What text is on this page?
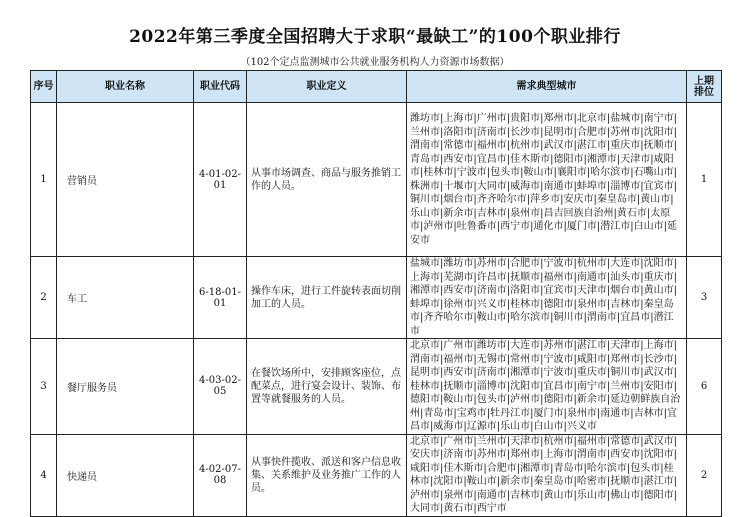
2022年第三季度全国招聘大于求职“最缺工”的100个职业排行
（102个定点监测城市公共就业服务机构人力资源市场数据）
序号	职业名称	职业代码	职业定义	需求典型城市	上期排位
1	营销员	4-01-02-01	从事市场调查、商品与服务推销工作的人员。	潍坊市|上海市|广州市|贵阳市|郑州市|北京市|盐城市|南宁市|兰州市|洛阳市|济南市|长沙市|昆明市|合肥市|苏州市|沈阳市|渭南市|常德市|福州市|杭州市|武汉市|湛江市|重庆市|抚顺市|青岛市|西安市|宜昌市|佳木斯市|德阳市|湘潭市|天津市|咸阳市|桂林市|宁波市|包头市|鞍山市|襄阳市|哈尔滨市|石嘴山市|株洲市|十堰市|大同市|威海市|南通市|蚌埠市|淄博市|宜宾市|铜川市|烟台市|齐齐哈尔市|萍乡市|安庆市|秦皇岛市|黄山市|乐山市|新余市|吉林市|泉州市|昌吉回族自治州|黄石市|太原市|泸州市|吐鲁番市|西宁市|通化市|厦门市|潜江市|白山市|延安市	1
2	车工	6-18-01-01	操作车床，进行工件旋转表面切削加工的人员。	盐城市|潍坊市|苏州市|合肥市|宁波市|杭州市|大连市|沈阳市|上海市|芜湖市|许昌市|抚顺市|福州市|南通市|汕头市|重庆市|湘潭市|西安市|济南市|洛阳市|宜宾市|天津市|烟台市|黄山市|蚌埠市|徐州市|兴义市|桂林市|德阳市|泉州市|吉林市|秦皇岛市|齐齐哈尔市|鞍山市|哈尔滨市|铜川市|渭南市|宜昌市|潜江市	3
3	餐厅服务员	4-03-02-05	在餐饮场所中，安排顾客座位，点配菜点，进行宴会设计、装饰、布置等就餐服务的人员。	北京市|广州市|潍坊市|大连市|苏州市|湛江市|天津市|上海市|渭南市|福州市|无锡市|常州市|宁波市|咸阳市|郑州市|长沙市|昆明市|西安市|济南市|湘潭市|宁波市|重庆市|铜川市|武汉市|桂林市|抚顺市|淄博市|沈阳市|宜昌市|南宁市|兰州市|安阳市|德阳市|鞍山市|包头市|泸州市|德阳市|新余市|延边朝鲜族自治州|青岛市|宝鸡市|牡丹江市|厦门市|泉州市|南通市|吉林市|宜昌市|威海市|辽源市|乐山市|白山市|兴义市	6
4	快递员	4-02-07-08	从事快件揽收、派送和客户信息收集、关系维护及业务推广工作的人员。	北京市|广州市|兰州市|天津市|杭州市|福州市|常德市|武汉市|安庆市|济南市|苏州市|郑州市|上海市|渭南市|西安市|沈阳市|咸阳市|佳木斯市|合肥市|湘潭市|青岛市|哈尔滨市|包头市|桂林市|沈阳市|鞍山市|新余市|秦皇岛市|哈密市|抚顺市|湛江市|泸州市|泉州市|南通市|吉林市|黄山市|乐山市|佛山市|德阳市|大同市|黄石市|西宁市	2
